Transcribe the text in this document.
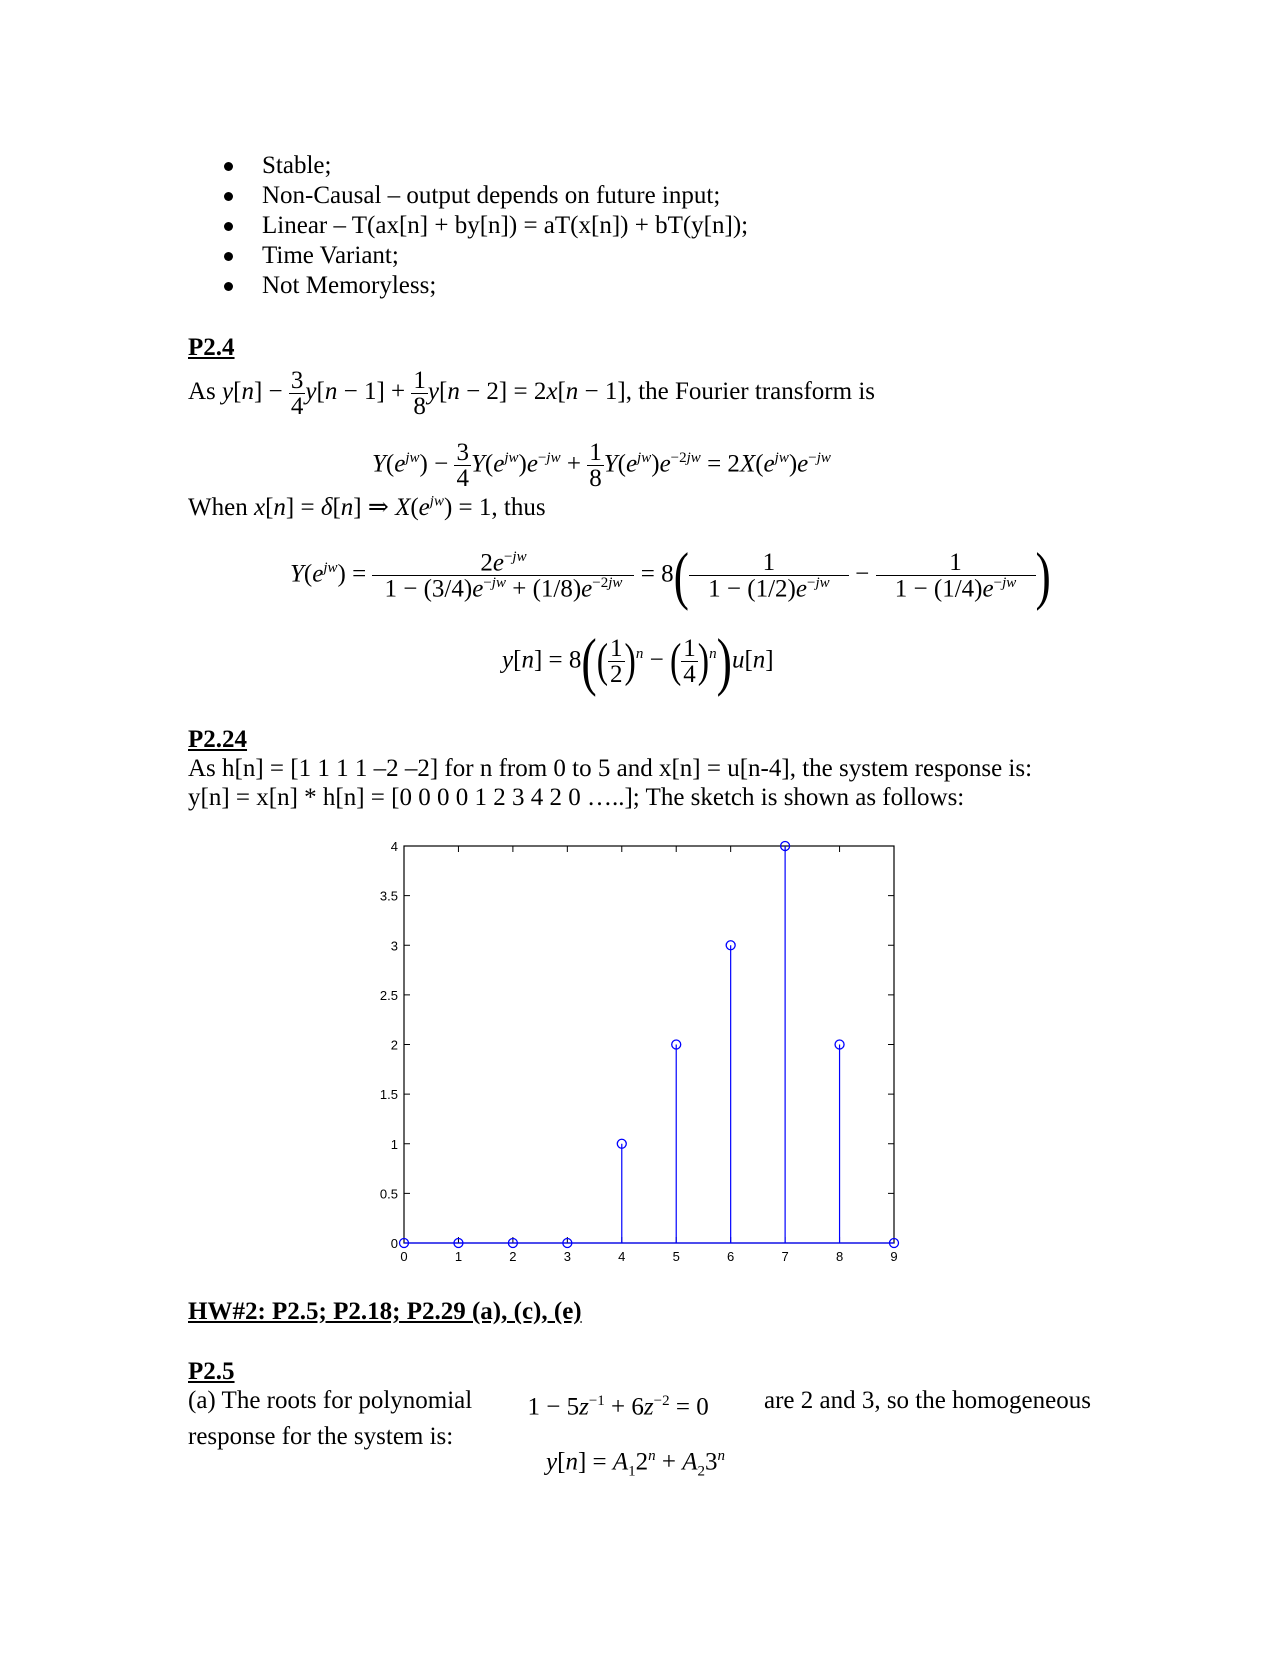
Stable;
Non-Causal – output depends on future input;
Linear – T(ax[n] + by[n]) = aT(x[n]) + bT(y[n]);
Time Variant;
Not Memoryless;
P2.4
As $y[n] - \frac{3}{4} y[n - 1] + \frac{1}{8} y[n - 2] = 2x[n - 1]$, the Fourier transform is
$Y(e^{jw}) - \frac{3}{4} Y(e^{jw})e^{-jw} + \frac{1}{8} Y(e^{jw})e^{-2jw} = 2X(e^{jw})e^{-jw}$
When x[n] = δ[n] ⇒ $X(e^{jw}) = 1$, thus
$Y(e^{jw}) = \frac{2e^{-jw}}{1 - (3/4)e^{-jw} + (1/8)e^{-2jw}} = 8( \frac{1}{1 - (1/2)e^{-jw}} - \frac{1}{1 - (1/4)e^{-jw}}$ )
$y[n] = 8(( \frac{1}{2} )^n$ − ( $\frac{1}{4} )^n)u[n]$
P2.24
As h[n] = [1 1 1 1 –2 –2] for n from 0 to 5 and x[n] = u[n-4], the system response is:
y[n] = x[n] * h[n] = [0 0 0 0 1 2 3 4 2 0 …..]; The sketch is shown as follows:
0
0.5
1
1.5
2
2.5
3
3.5
4
0	1	2	3	4	5	6	7	8	9
HW#2: P2.5; P2.18; P2.29 (a), (c), (e)
P2.5
(a) The roots for polynomial $1 - 5z^{-1} + 6z^{-2} = 0$ are 2 and 3, so the homogeneous
response for the system is:
$y[n] = A_12^n + A_23^n$
